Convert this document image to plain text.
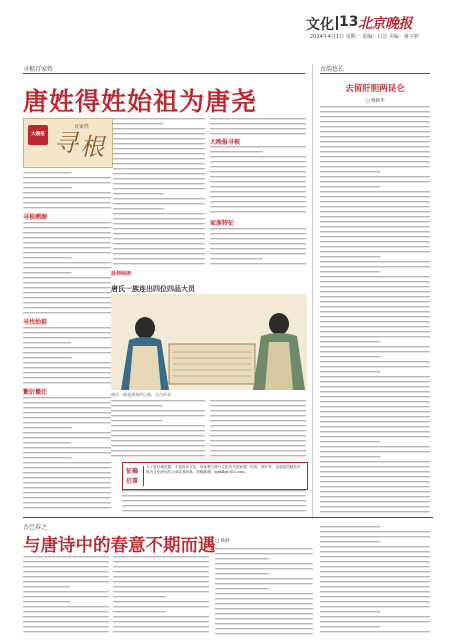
文化 13 北京晚报
2024年4月1日 星期一 责编：白洁 美编：蒋宇婷
寻根百家姓
唐姓得姓始祖为唐尧
大晚报 寻 根
百家姓
寻根溯源
寻找始祖
繁衍播迁
家族特征
大晚报寻根
古韵悠长
去留肝胆两昆仑
□ 傅秋华
延伸阅读
唐氏一族连出四位四品大员
唐氏一族是唐尧的后裔，自古传承
征稿
启事
为了更好地挖掘、丰富姓氏文化，现征集与姓氏文化有关的家谱、民俗、图片等，也欢迎投稿有关姓氏文化研究的文章或者故事。投稿邮箱：bjxxfb@163.com。
古巴春之
与唐诗中的春意不期而遇 □ 林静
